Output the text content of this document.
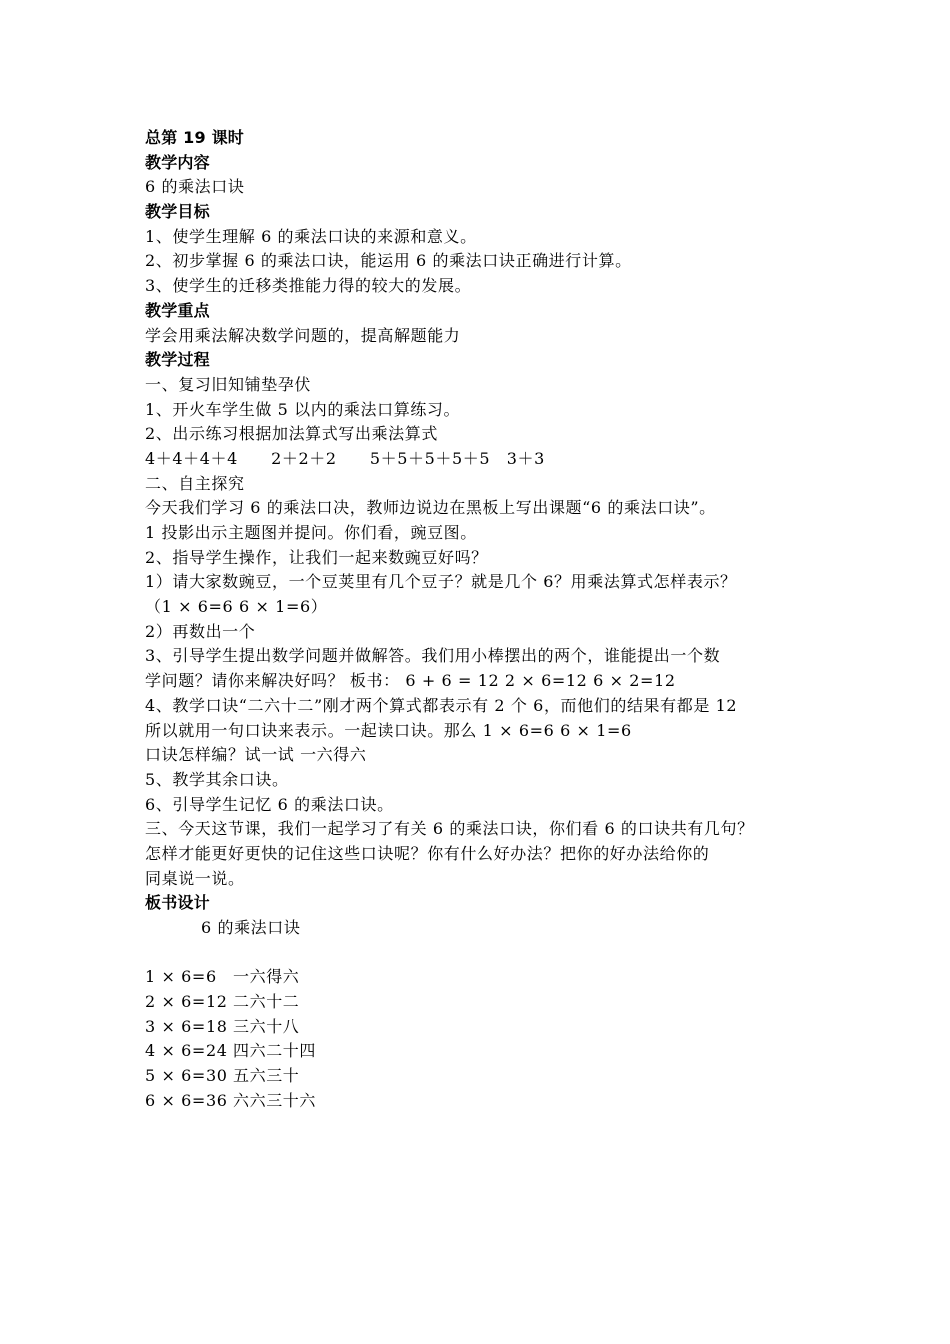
总第 19 课时
教学内容
6 的乘法口诀
教学目标
1、使学生理解 6 的乘法口诀的来源和意义。
2、初步掌握 6 的乘法口诀，能运用 6 的乘法口诀正确进行计算。
3、使学生的迁移类推能力得的较大的发展。
教学重点
学会用乘法解决数学问题的，提高解题能力
教学过程
一、复习旧知铺垫孕伏
1、开火车学生做 5 以内的乘法口算练习。
2、出示练习根据加法算式写出乘法算式
4＋4＋4＋4　　2＋2＋2　　5＋5＋5＋5＋5　3＋3
二、自主探究
今天我们学习 6 的乘法口决，教师边说边在黑板上写出课题“6 的乘法口诀”。
1 投影出示主题图并提问。你们看，豌豆图。
2、指导学生操作，让我们一起来数豌豆好吗？
1）请大家数豌豆，一个豆荚里有几个豆子？就是几个 6？用乘法算式怎样表示？
（1 × 6=6 6 × 1=6）
2）再数出一个
3、引导学生提出数学问题并做解答。我们用小棒摆出的两个，谁能提出一个数
学问题？请你来解决好吗？ 板书： 6 + 6 = 12 2 × 6=12 6 × 2=12
4、教学口诀“二六十二”刚才两个算式都表示有 2 个 6，而他们的结果有都是 12
所以就用一句口诀来表示。一起读口诀。那么 1 × 6=6 6 × 1=6
口诀怎样编？试一试 一六得六
5、教学其余口诀。
6、引导学生记忆 6 的乘法口诀。
三、今天这节课，我们一起学习了有关 6 的乘法口诀，你们看 6 的口诀共有几句？
怎样才能更好更快的记住这些口诀呢？你有什么好办法？把你的好办法给你的
同桌说一说。
板书设计
6 的乘法口诀
1 × 6=6	一六得六
2 × 6=12 二六十二
3 × 6=18 三六十八
4 × 6=24 四六二十四
5 × 6=30 五六三十
6 × 6=36 六六三十六
